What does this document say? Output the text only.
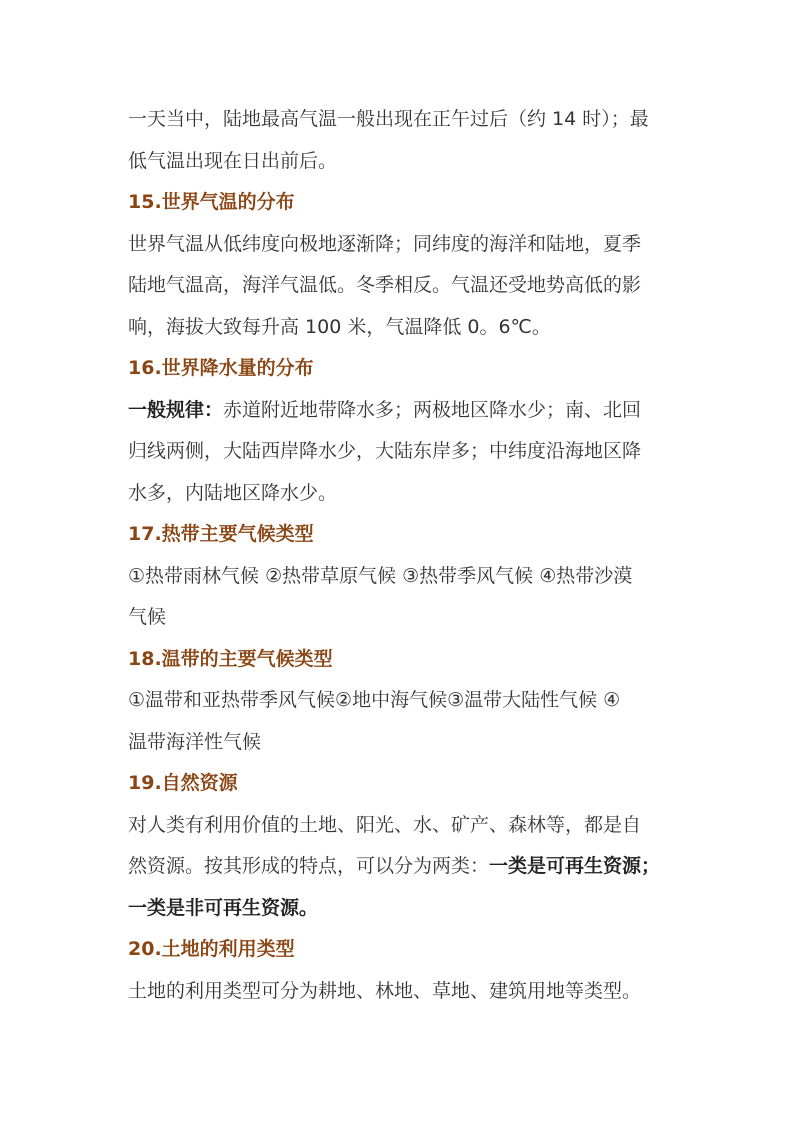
一天当中，陆地最高气温一般出现在正午过后（约 14 时）；最
低气温出现在日出前后。
15.世界气温的分布
世界气温从低纬度向极地逐渐降；同纬度的海洋和陆地，夏季
陆地气温高，海洋气温低。冬季相反。气温还受地势高低的影
响，海拔大致每升高 100 米，气温降低 0。6℃。
16.世界降水量的分布
一般规律：赤道附近地带降水多；两极地区降水少；南、北回
归线两侧，大陆西岸降水少，大陆东岸多；中纬度沿海地区降
水多，内陆地区降水少。
17.热带主要气候类型
①热带雨林气候 ②热带草原气候 ③热带季风气候 ④热带沙漠
气候
18.温带的主要气候类型
①温带和亚热带季风气候②地中海气候③温带大陆性气候 ④
温带海洋性气候
19.自然资源
对人类有利用价值的土地、阳光、水、矿产、森林等，都是自
然资源。按其形成的特点，可以分为两类：一类是可再生资源；
一类是非可再生资源。
20.土地的利用类型
土地的利用类型可分为耕地、林地、草地、建筑用地等类型。
